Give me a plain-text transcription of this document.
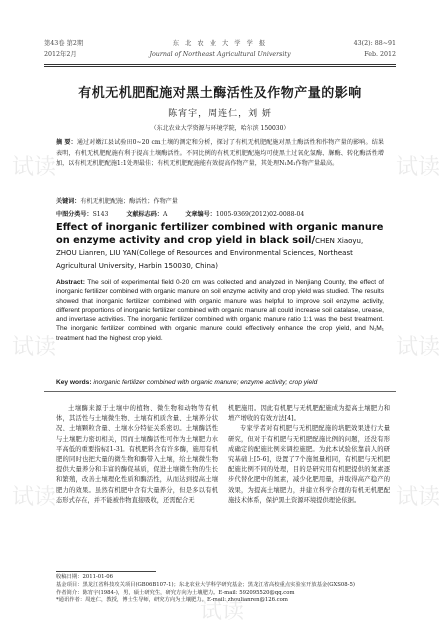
第43卷 第2期
2012年2月
东 北 农 业 大 学 学 报
Journal of Northeast Agricultural University
43(2): 88~91
Feb. 2012
有机无机肥配施对黑土酶活性及作物产量的影响
陈宵宇，周连仁，刘 妍
（东北农业大学资源与环境学院，哈尔滨 150030）
摘 要：通过对嫩江县试验田0~20 cm土壤的测定和分析，探讨了有机无机肥配施对黑土酶活性和作物产量的影响。结果表明，有机无机肥配施有利于提高土壤酶活性。不同比例的有机无机肥配施均可使黑土过氧化氢酶、脲酶、转化酶活性增加，以有机无机肥配施1:1处理最佳；有机无机肥配施能有效提高作物产量，其处理N₁M₁作物产量最高。
关键词：有机无机肥配施；酶活性；作物产量
中图分类号：S143	文献标志码：A	文章编号：1005-9369(2012)02-0088-04
Effect of inorganic fertilizer combined with organic manure on enzyme activity and crop yield in black soil/CHEN Xiaoyu, ZHOU Lianren, LIU YAN(College of Resources and Environmental Sciences, Northeast Agricultural University, Harbin 150030, China)
Abstract: The soil of experimental field 0-20 cm was collected and analyzed in Nenjiang County, the effect of inorganic fertilizer combined with organic manure on soil enzyme activity and crop yield was studied. The results showed that inorganic fertilizer combined with organic manure was helpful to improve soil enzyme activity, different proportions of inorganic fertilizer combined with organic manure all could increase soil catalase, urease, and invertase activities. The inorganic fertilizer combined with organic manure ratio 1:1 was the best treatment. The inorganic fertilizer combined with organic manure could effectively enhance the crop yield, and N₁M₁ treatment had the highest crop yield.
Key words: inorganic fertilizer combined with organic manure; enzyme activity; crop yield

土壤酶来源于土壤中的植物、微生物和动物等有机体，其活性与土壤微生物、土壤有机质含量、土壤养分状况、土壤颗粒含量、土壤水分特征关系密切。土壤酶活性与土壤肥力密切相关，因而土壤酶活性可作为土壤肥力水平高低的重要指标[1-3]。有机肥料含有许多酶，施用有机肥的同时也把大量的微生物和酶带入土壤，给土壤微生物提供大量养分和丰富的酶促基质，促进土壤微生物的生长和繁殖，改善土壤理化性质和酶活性，从而达到提高土壤肥力的效果。虽然有机肥中含有大量养分，但是多以有机态形式存在，并不能被作物直接吸收，还需配合无

机肥施用。因此有机肥与无机肥配施成为提高土壤肥力和增产增收的有效方法[4]。

专家学者对有机肥与无机肥配施的培肥效果进行大量研究，但对于有机肥与无机肥配施比例的问题，还没有形成确定的配施比例来调控施肥。为此本试验依靠前人的研究基础上[5-6]，设置了7个施氮量相同，有机肥与无机肥配施比例不同的处理，目的是研究用有机肥提供的氮素逐步代替化肥中的氮素，减少化肥用量，并取得高产稳产的效果，为提高土壤肥力，并建立科学合理的有机无机肥配施技术体系，保护黑土资源环境提供理论依据。

收稿日期：2011-01-06
基金项目：黑龙江省科技攻关项目(GB06B107-1)；东北农业大学科学研究基金；黑龙江省高校重点实验室开放基金(GXS08-5)
作者简介：陈宵宇(1984-)，男，硕士研究生，研究方向为土壤肥力。E-mail: 592095520@qq.com
*通讯作者：周连仁，教授，博士生导师，研究方向为土壤肥力。E-mail: zhoulianren@126.com
试读	试读
试读	试读
试读	试读
试读
